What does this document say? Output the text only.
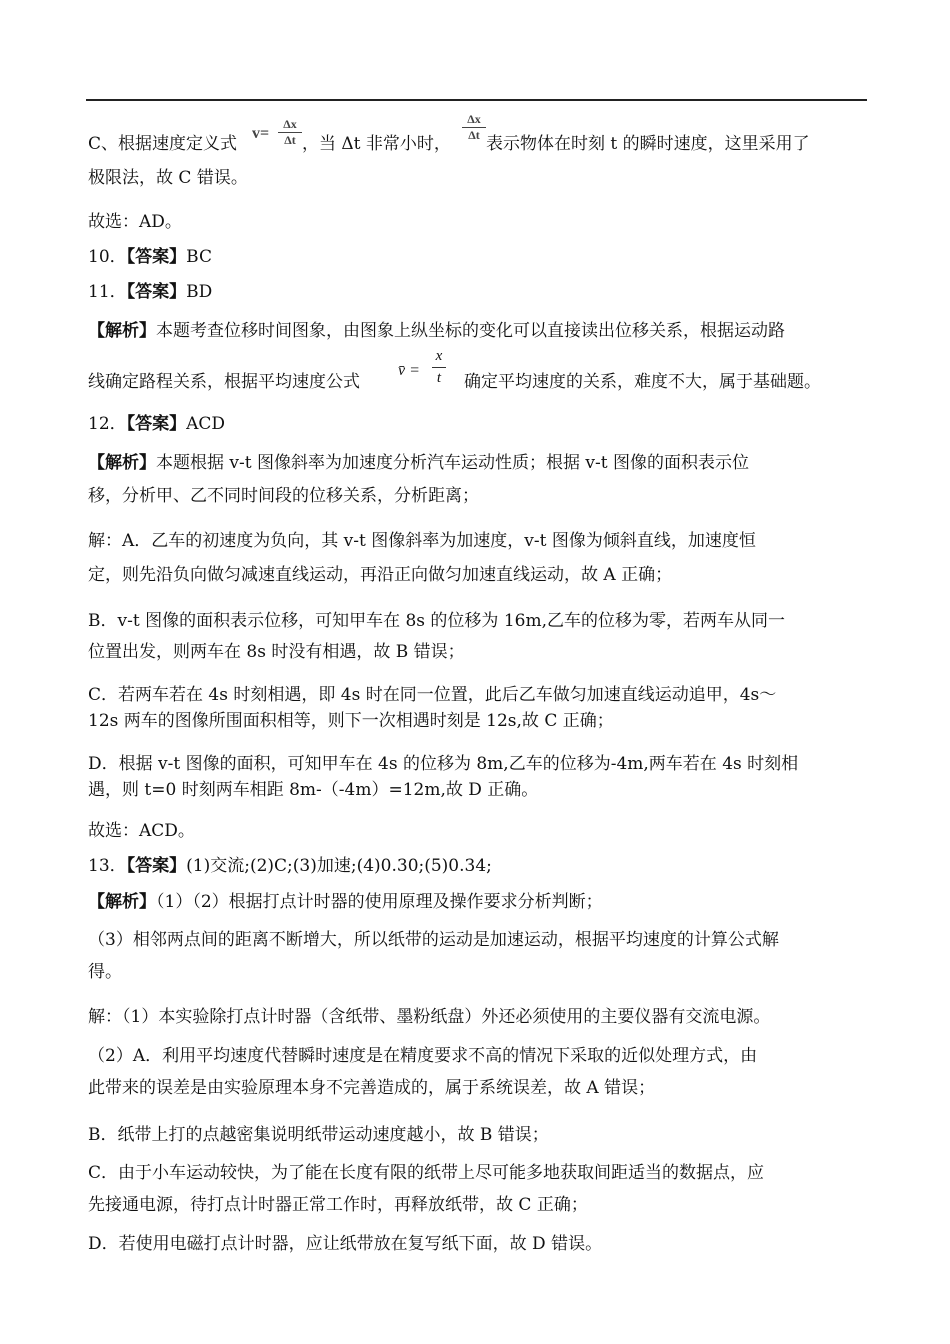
C、根据速度定义式
v=
Δx
Δt ，当 Δt 非常小时，
Δx
Δt 表示物体在时刻 t 的瞬时速度，这里采用了
极限法，故 C 错误。
故选：AD。
10．【答案】BC
11．【答案】BD
【解析】本题考查位移时间图象，由图象上纵坐标的变化可以直接读出位移关系，根据运动路
线确定路程关系，根据平均速度公式
v̄ =
x
t 确定平均速度的关系，难度不大，属于基础题。
12．【答案】ACD
【解析】本题根据 v-t 图像斜率为加速度分析汽车运动性质；根据 v-t 图像的面积表示位
移，分析甲、乙不同时间段的位移关系，分析距离；
解：A．乙车的初速度为负向，其 v-t 图像斜率为加速度，v-t 图像为倾斜直线，加速度恒
定，则先沿负向做匀减速直线运动，再沿正向做匀加速直线运动，故 A 正确；
B．v-t 图像的面积表示位移，可知甲车在 8s 的位移为 16m,乙车的位移为零，若两车从同一
位置出发，则两车在 8s 时没有相遇，故 B 错误；
C．若两车若在 4s 时刻相遇，即 4s 时在同一位置，此后乙车做匀加速直线运动追甲，4s～
12s 两车的图像所围面积相等，则下一次相遇时刻是 12s,故 C 正确；
D．根据 v-t 图像的面积，可知甲车在 4s 的位移为 8m,乙车的位移为-4m,两车若在 4s 时刻相
遇，则 t=0 时刻两车相距 8m-（-4m）=12m,故 D 正确。
故选：ACD。
13．【答案】(1)交流;(2)C;(3)加速;(4)0.30;(5)0.34;
【解析】（1）（2）根据打点计时器的使用原理及操作要求分析判断；
（3）相邻两点间的距离不断增大，所以纸带的运动是加速运动，根据平均速度的计算公式解
得。
解：（1）本实验除打点计时器（含纸带、墨粉纸盘）外还必须使用的主要仪器有交流电源。
（2）A．利用平均速度代替瞬时速度是在精度要求不高的情况下采取的近似处理方式，由
此带来的误差是由实验原理本身不完善造成的，属于系统误差，故 A 错误；
B．纸带上打的点越密集说明纸带运动速度越小，故 B 错误；
C．由于小车运动较快，为了能在长度有限的纸带上尽可能多地获取间距适当的数据点，应
先接通电源，待打点计时器正常工作时，再释放纸带，故 C 正确；
D．若使用电磁打点计时器，应让纸带放在复写纸下面，故 D 错误。
